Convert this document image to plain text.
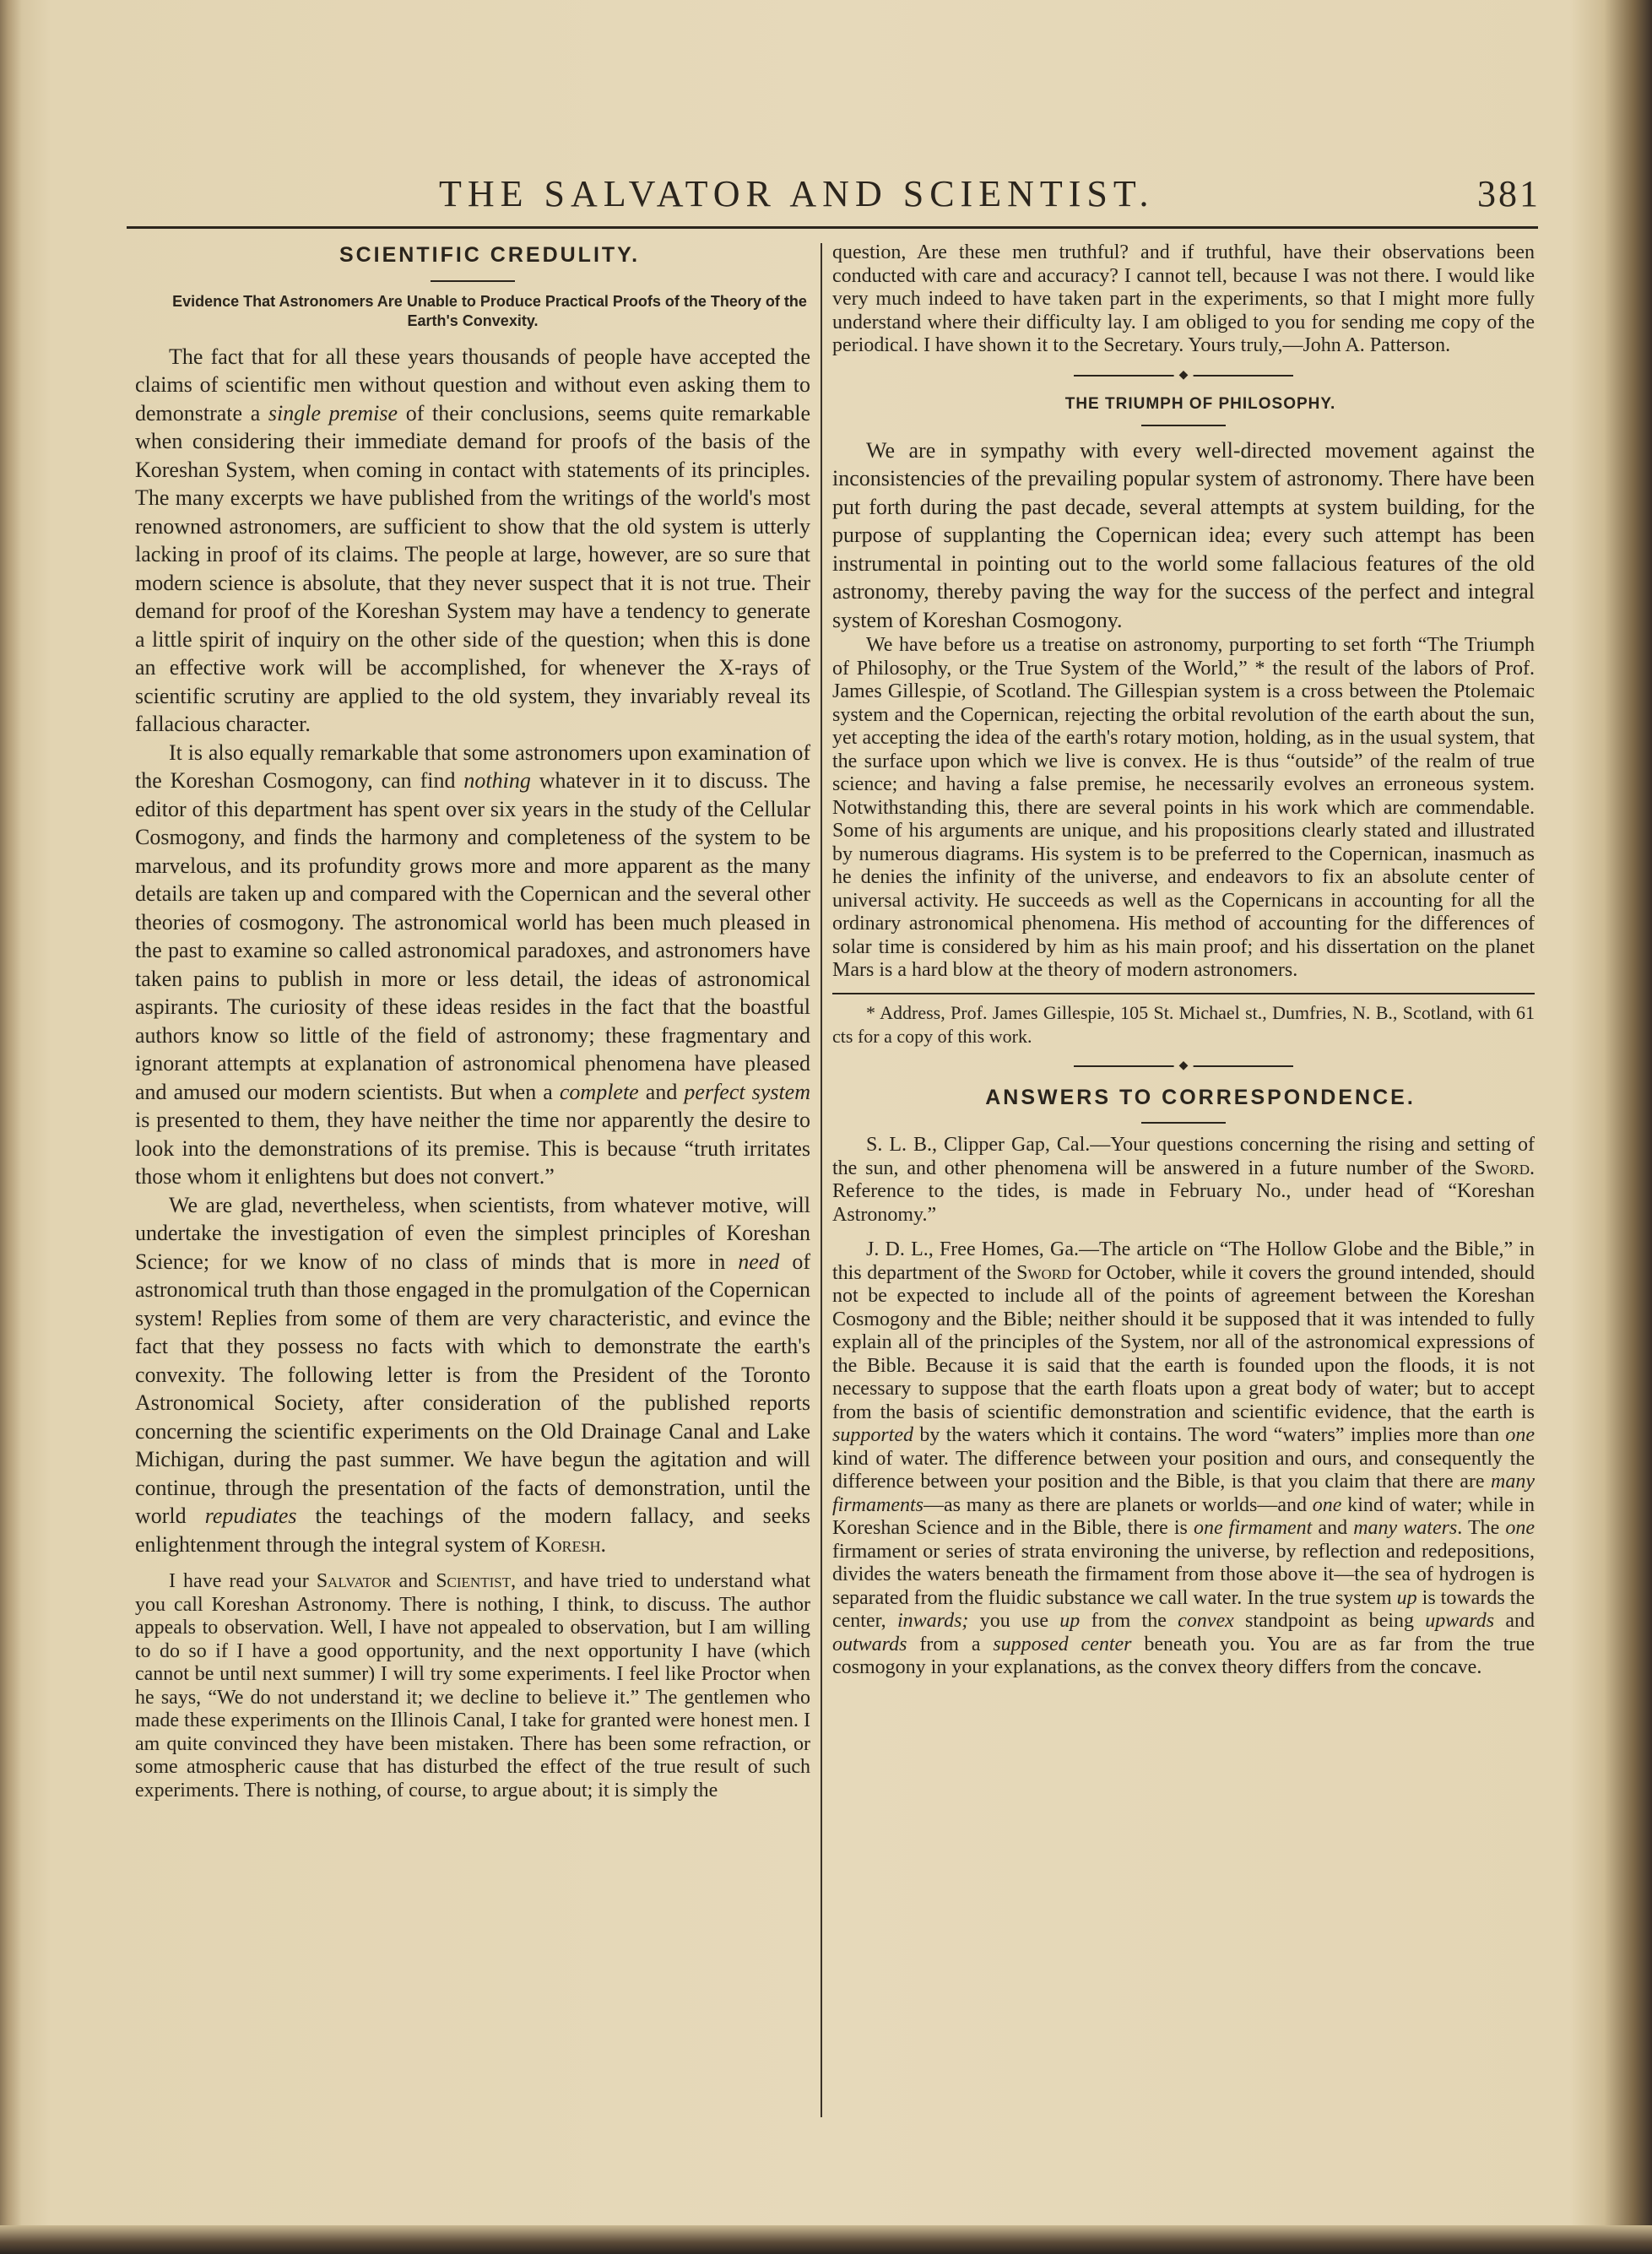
THE SALVATOR AND SCIENTIST.	381

SCIENTIFIC CREDULITY.

Evidence That Astronomers Are Unable to Produce Practical Proofs of the Theory of the Earth's Convexity.

The fact that for all these years thousands of people have accepted the claims of scientific men without question and without even asking them to demonstrate a single premise of their conclusions, seems quite remarkable when considering their immediate demand for proofs of the basis of the Koreshan System, when coming in contact with statements of its principles. The many excerpts we have published from the writings of the world's most renowned astronomers, are sufficient to show that the old system is utterly lacking in proof of its claims. The people at large, however, are so sure that modern science is absolute, that they never suspect that it is not true. Their demand for proof of the Koreshan System may have a tendency to generate a little spirit of inquiry on the other side of the question; when this is done an effective work will be accomplished, for whenever the X-rays of scientific scrutiny are applied to the old system, they invariably reveal its fallacious character.

It is also equally remarkable that some astronomers upon examination of the Koreshan Cosmogony, can find nothing whatever in it to discuss. The editor of this department has spent over six years in the study of the Cellular Cosmogony, and finds the harmony and completeness of the system to be marvelous, and its profundity grows more and more apparent as the many details are taken up and compared with the Copernican and the several other theories of cosmogony. The astronomical world has been much pleased in the past to examine so called astronomical paradoxes, and astronomers have taken pains to publish in more or less detail, the ideas of astronomical aspirants. The curiosity of these ideas resides in the fact that the boastful authors know so little of the field of astronomy; these fragmentary and ignorant attempts at explanation of astronomical phenomena have pleased and amused our modern scientists. But when a complete and perfect system is presented to them, they have neither the time nor apparently the desire to look into the demonstrations of its premise. This is because “truth irritates those whom it enlightens but does not convert.”

We are glad, nevertheless, when scientists, from whatever motive, will undertake the investigation of even the simplest principles of Koreshan Science; for we know of no class of minds that is more in need of astronomical truth than those engaged in the promulgation of the Copernican system! Replies from some of them are very characteristic, and evince the fact that they possess no facts with which to demonstrate the earth's convexity. The following letter is from the President of the Toronto Astronomical Society, after consideration of the published reports concerning the scientific experiments on the Old Drainage Canal and Lake Michigan, during the past summer. We have begun the agitation and will continue, through the presentation of the facts of demonstration, until the world repudiates the teachings of the modern fallacy, and seeks enlightenment through the integral system of Koresh.

I have read your Salvator and Scientist, and have tried to understand what you call Koreshan Astronomy. There is nothing, I think, to discuss. The author appeals to observation. Well, I have not appealed to observation, but I am willing to do so if I have a good opportunity, and the next opportunity I have (which cannot be until next summer) I will try some experiments. I feel like Proctor when he says, “We do not understand it; we decline to believe it.” The gentlemen who made these experiments on the Illinois Canal, I take for granted were honest men. I am quite convinced they have been mistaken. There has been some refraction, or some atmospheric cause that has disturbed the effect of the true result of such experiments. There is nothing, of course, to argue about; it is simply the

question, Are these men truthful? and if truthful, have their observations been conducted with care and accuracy? I cannot tell, because I was not there. I would like very much indeed to have taken part in the experiments, so that I might more fully understand where their difficulty lay. I am obliged to you for sending me copy of the periodical. I have shown it to the Secretary. Yours truly,—John A. Patterson.

◆

THE TRIUMPH OF PHILOSOPHY.

We are in sympathy with every well-directed movement against the inconsistencies of the prevailing popular system of astronomy. There have been put forth during the past decade, several attempts at system building, for the purpose of supplanting the Copernican idea; every such attempt has been instrumental in pointing out to the world some fallacious features of the old astronomy, thereby paving the way for the success of the perfect and integral system of Koreshan Cosmogony.

We have before us a treatise on astronomy, purporting to set forth “The Triumph of Philosophy, or the True System of the World,” * the result of the labors of Prof. James Gillespie, of Scotland. The Gillespian system is a cross between the Ptolemaic system and the Copernican, rejecting the orbital revolution of the earth about the sun, yet accepting the idea of the earth's rotary motion, holding, as in the usual system, that the surface upon which we live is convex. He is thus “outside” of the realm of true science; and having a false premise, he necessarily evolves an erroneous system. Notwithstanding this, there are several points in his work which are commendable. Some of his arguments are unique, and his propositions clearly stated and illustrated by numerous diagrams. His system is to be preferred to the Copernican, inasmuch as he denies the infinity of the universe, and endeavors to fix an absolute center of universal activity. He succeeds as well as the Copernicans in accounting for all the ordinary astronomical phenomena. His method of accounting for the differences of solar time is considered by him as his main proof; and his dissertation on the planet Mars is a hard blow at the theory of modern astronomers.

* Address, Prof. James Gillespie, 105 St. Michael st., Dumfries, N. B., Scotland, with 61 cts for a copy of this work.

◆

ANSWERS TO CORRESPONDENCE.

S. L. B., Clipper Gap, Cal.—Your questions concerning the rising and setting of the sun, and other phenomena will be answered in a future number of the Sword. Reference to the tides, is made in February No., under head of “Koreshan Astronomy.”

J. D. L., Free Homes, Ga.—The article on “The Hollow Globe and the Bible,” in this department of the Sword for October, while it covers the ground intended, should not be expected to include all of the points of agreement between the Koreshan Cosmogony and the Bible; neither should it be supposed that it was intended to fully explain all of the principles of the System, nor all of the astronomical expressions of the Bible. Because it is said that the earth is founded upon the floods, it is not necessary to suppose that the earth floats upon a great body of water; but to accept from the basis of scientific demonstration and scientific evidence, that the earth is supported by the waters which it contains. The word “waters” implies more than one kind of water. The difference between your position and ours, and consequently the difference between your position and the Bible, is that you claim that there are many firmaments—as many as there are planets or worlds—and one kind of water; while in Koreshan Science and in the Bible, there is one firmament and many waters. The one firmament or series of strata environing the universe, by reflection and redepositions, divides the waters beneath the firmament from those above it—the sea of hydrogen is separated from the fluidic substance we call water. In the true system up is towards the center, inwards; you use up from the convex standpoint as being upwards and outwards from a supposed center beneath you. You are as far from the true cosmogony in your explanations, as the convex theory differs from the concave.
